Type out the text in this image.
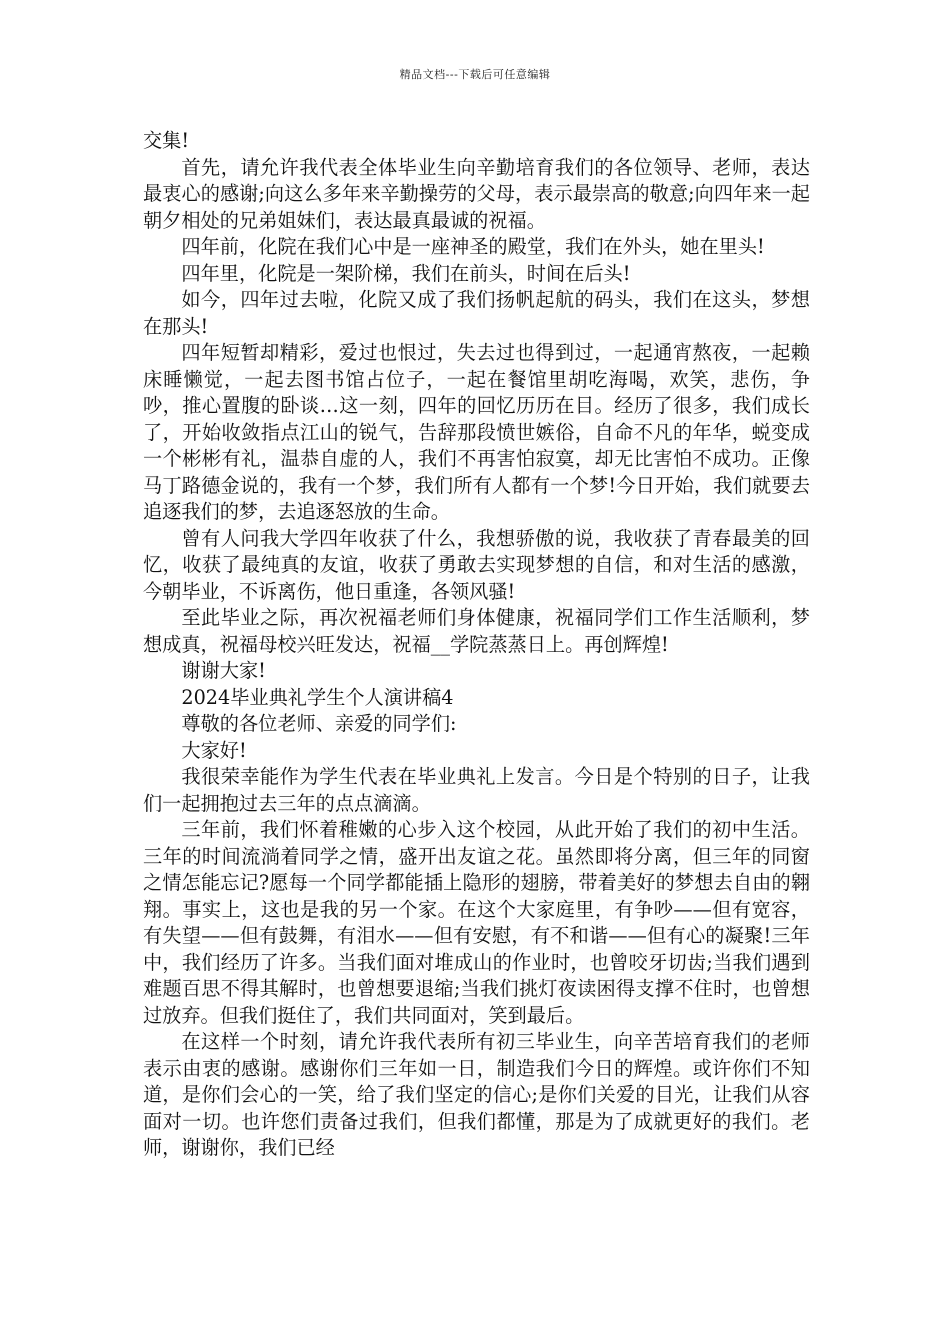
精品文档---下载后可任意编辑

交集!

首先，请允许我代表全体毕业生向辛勤培育我们的各位领导、老师，表达最衷心的感谢;向这么多年来辛勤操劳的父母，表示最崇高的敬意;向四年来一起朝夕相处的兄弟姐妹们，表达最真最诚的祝福。

四年前，化院在我们心中是一座神圣的殿堂，我们在外头，她在里头!

四年里，化院是一架阶梯，我们在前头，时间在后头!

如今，四年过去啦，化院又成了我们扬帆起航的码头，我们在这头，梦想在那头!

四年短暂却精彩，爱过也恨过，失去过也得到过，一起通宵熬夜，一起赖床睡懒觉，一起去图书馆占位子，一起在餐馆里胡吃海喝，欢笑，悲伤，争吵，推心置腹的卧谈…这一刻，四年的回忆历历在目。经历了很多，我们成长了，开始收敛指点江山的锐气，告辞那段愤世嫉俗，自命不凡的年华，蜕变成一个彬彬有礼，温恭自虚的人，我们不再害怕寂寞，却无比害怕不成功。正像马丁路德金说的，我有一个梦，我们所有人都有一个梦!今日开始，我们就要去追逐我们的梦，去追逐怒放的生命。

曾有人问我大学四年收获了什么，我想骄傲的说，我收获了青春最美的回忆，收获了最纯真的友谊，收获了勇敢去实现梦想的自信，和对生活的感激，今朝毕业，不诉离伤，他日重逢，各领风骚!

至此毕业之际，再次祝福老师们身体健康，祝福同学们工作生活顺利，梦想成真，祝福母校兴旺发达，祝福__学院蒸蒸日上。再创辉煌!

谢谢大家!

2024毕业典礼学生个人演讲稿4

尊敬的各位老师、亲爱的同学们:

大家好!

我很荣幸能作为学生代表在毕业典礼上发言。今日是个特别的日子，让我们一起拥抱过去三年的点点滴滴。

三年前，我们怀着稚嫩的心步入这个校园，从此开始了我们的初中生活。三年的时间流淌着同学之情，盛开出友谊之花。虽然即将分离，但三年的同窗之情怎能忘记?愿每一个同学都能插上隐形的翅膀，带着美好的梦想去自由的翱翔。事实上，这也是我的另一个家。在这个大家庭里，有争吵——但有宽容，有失望——但有鼓舞，有泪水——但有安慰，有不和谐——但有心的凝聚!三年中，我们经历了许多。当我们面对堆成山的作业时，也曾咬牙切齿;当我们遇到难题百思不得其解时，也曾想要退缩;当我们挑灯夜读困得支撑不住时，也曾想过放弃。但我们挺住了，我们共同面对，笑到最后。

在这样一个时刻，请允许我代表所有初三毕业生，向辛苦培育我们的老师表示由衷的感谢。感谢你们三年如一日，制造我们今日的辉煌。或许你们不知道，是你们会心的一笑，给了我们坚定的信心;是你们关爱的目光，让我们从容面对一切。也许您们责备过我们，但我们都懂，那是为了成就更好的我们。老师，谢谢你，我们已经
